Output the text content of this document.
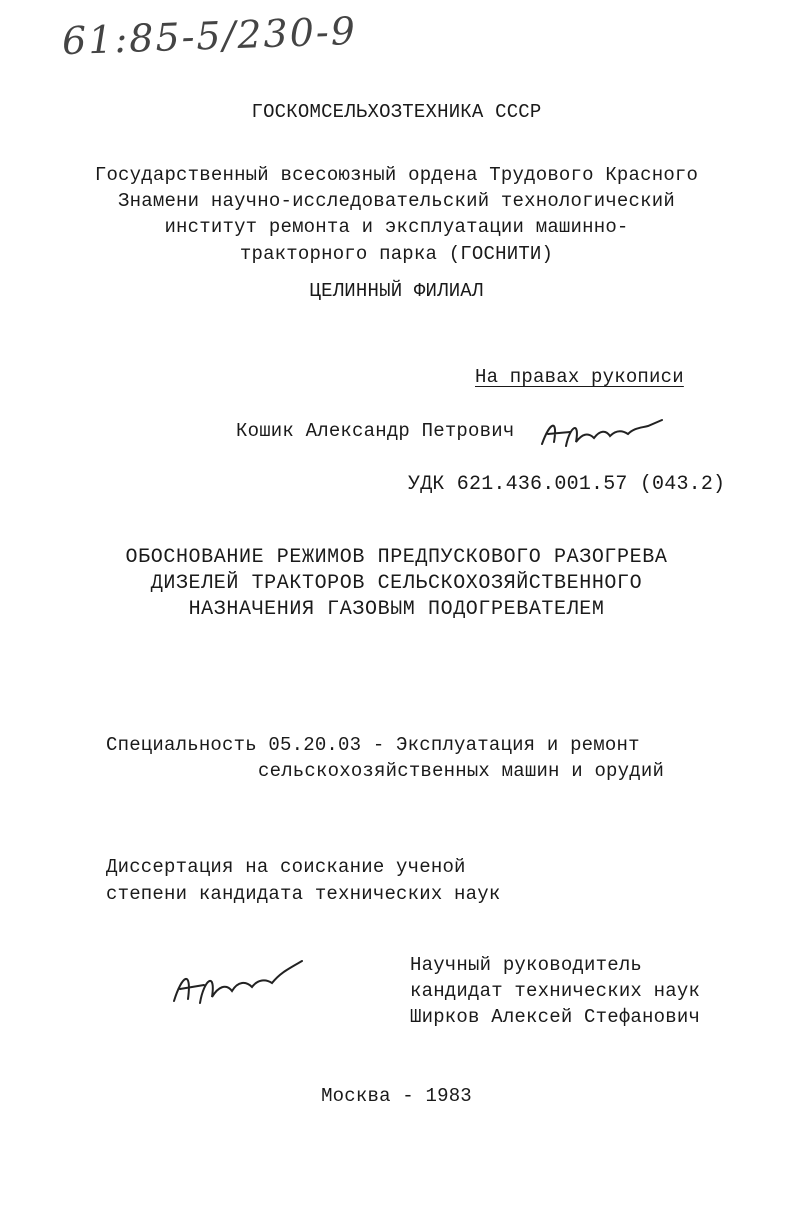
61:85-5/230-9
ГОСКОМСЕЛЬХОЗТЕХНИКА СССР
Государственный всесоюзный ордена Трудового Красного
Знамени научно-исследовательский технологический
институт ремонта и эксплуатации машинно-
тракторного парка (ГОСНИТИ)
ЦЕЛИННЫЙ ФИЛИАЛ
На правах рукописи
Кошик Александр Петрович
УДК 621.436.001.57 (043.2)
ОБОСНОВАНИЕ РЕЖИМОВ ПРЕДПУСКОВОГО РАЗОГРЕВА
ДИЗЕЛЕЙ ТРАКТОРОВ СЕЛЬСКОХОЗЯЙСТВЕННОГО
НАЗНАЧЕНИЯ ГАЗОВЫМ ПОДОГРЕВАТЕЛЕМ
Специальность 05.20.03 - Эксплуатация и ремонт
сельскохозяйственных машин и орудий
Диссертация на соискание ученой
степени кандидата технических наук
Научный руководитель
кандидат технических наук
Ширков Алексей Стефанович
Москва - 1983
